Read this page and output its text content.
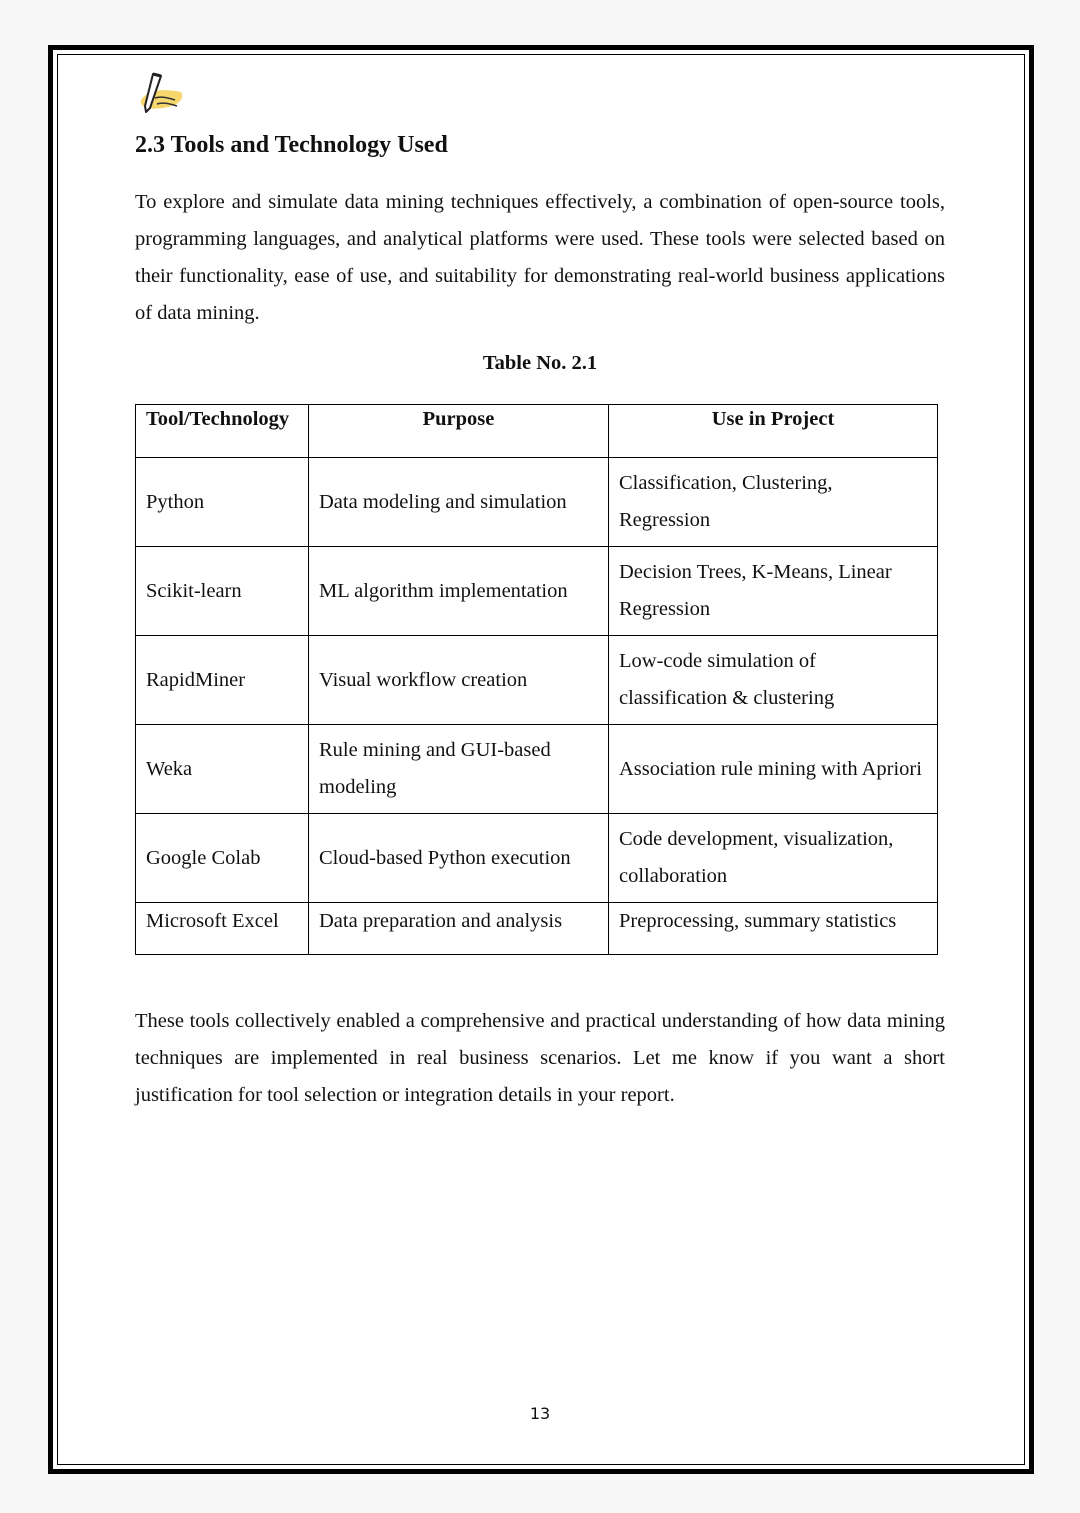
2.3 Tools and Technology Used

To explore and simulate data mining techniques effectively, a combination of open-source tools, programming languages, and analytical platforms were used. These tools were selected based on their functionality, ease of use, and suitability for demonstrating real-world business applications of data mining.

Table No. 2.1

Tool/Technology	Purpose	Use in Project
Python	Data modeling and simulation	Classification, Clustering, Regression
Scikit-learn	ML algorithm implementation	Decision Trees, K-Means, Linear Regression
RapidMiner	Visual workflow creation	Low-code simulation of classification & clustering
Weka	Rule mining and GUI-based modeling	Association rule mining with Apriori
Google Colab	Cloud-based Python execution	Code development, visualization, collaboration
Microsoft Excel	Data preparation and analysis	Preprocessing, summary statistics

These tools collectively enabled a comprehensive and practical understanding of how data mining techniques are implemented in real business scenarios. Let me know if you want a short justification for tool selection or integration details in your report.

13
